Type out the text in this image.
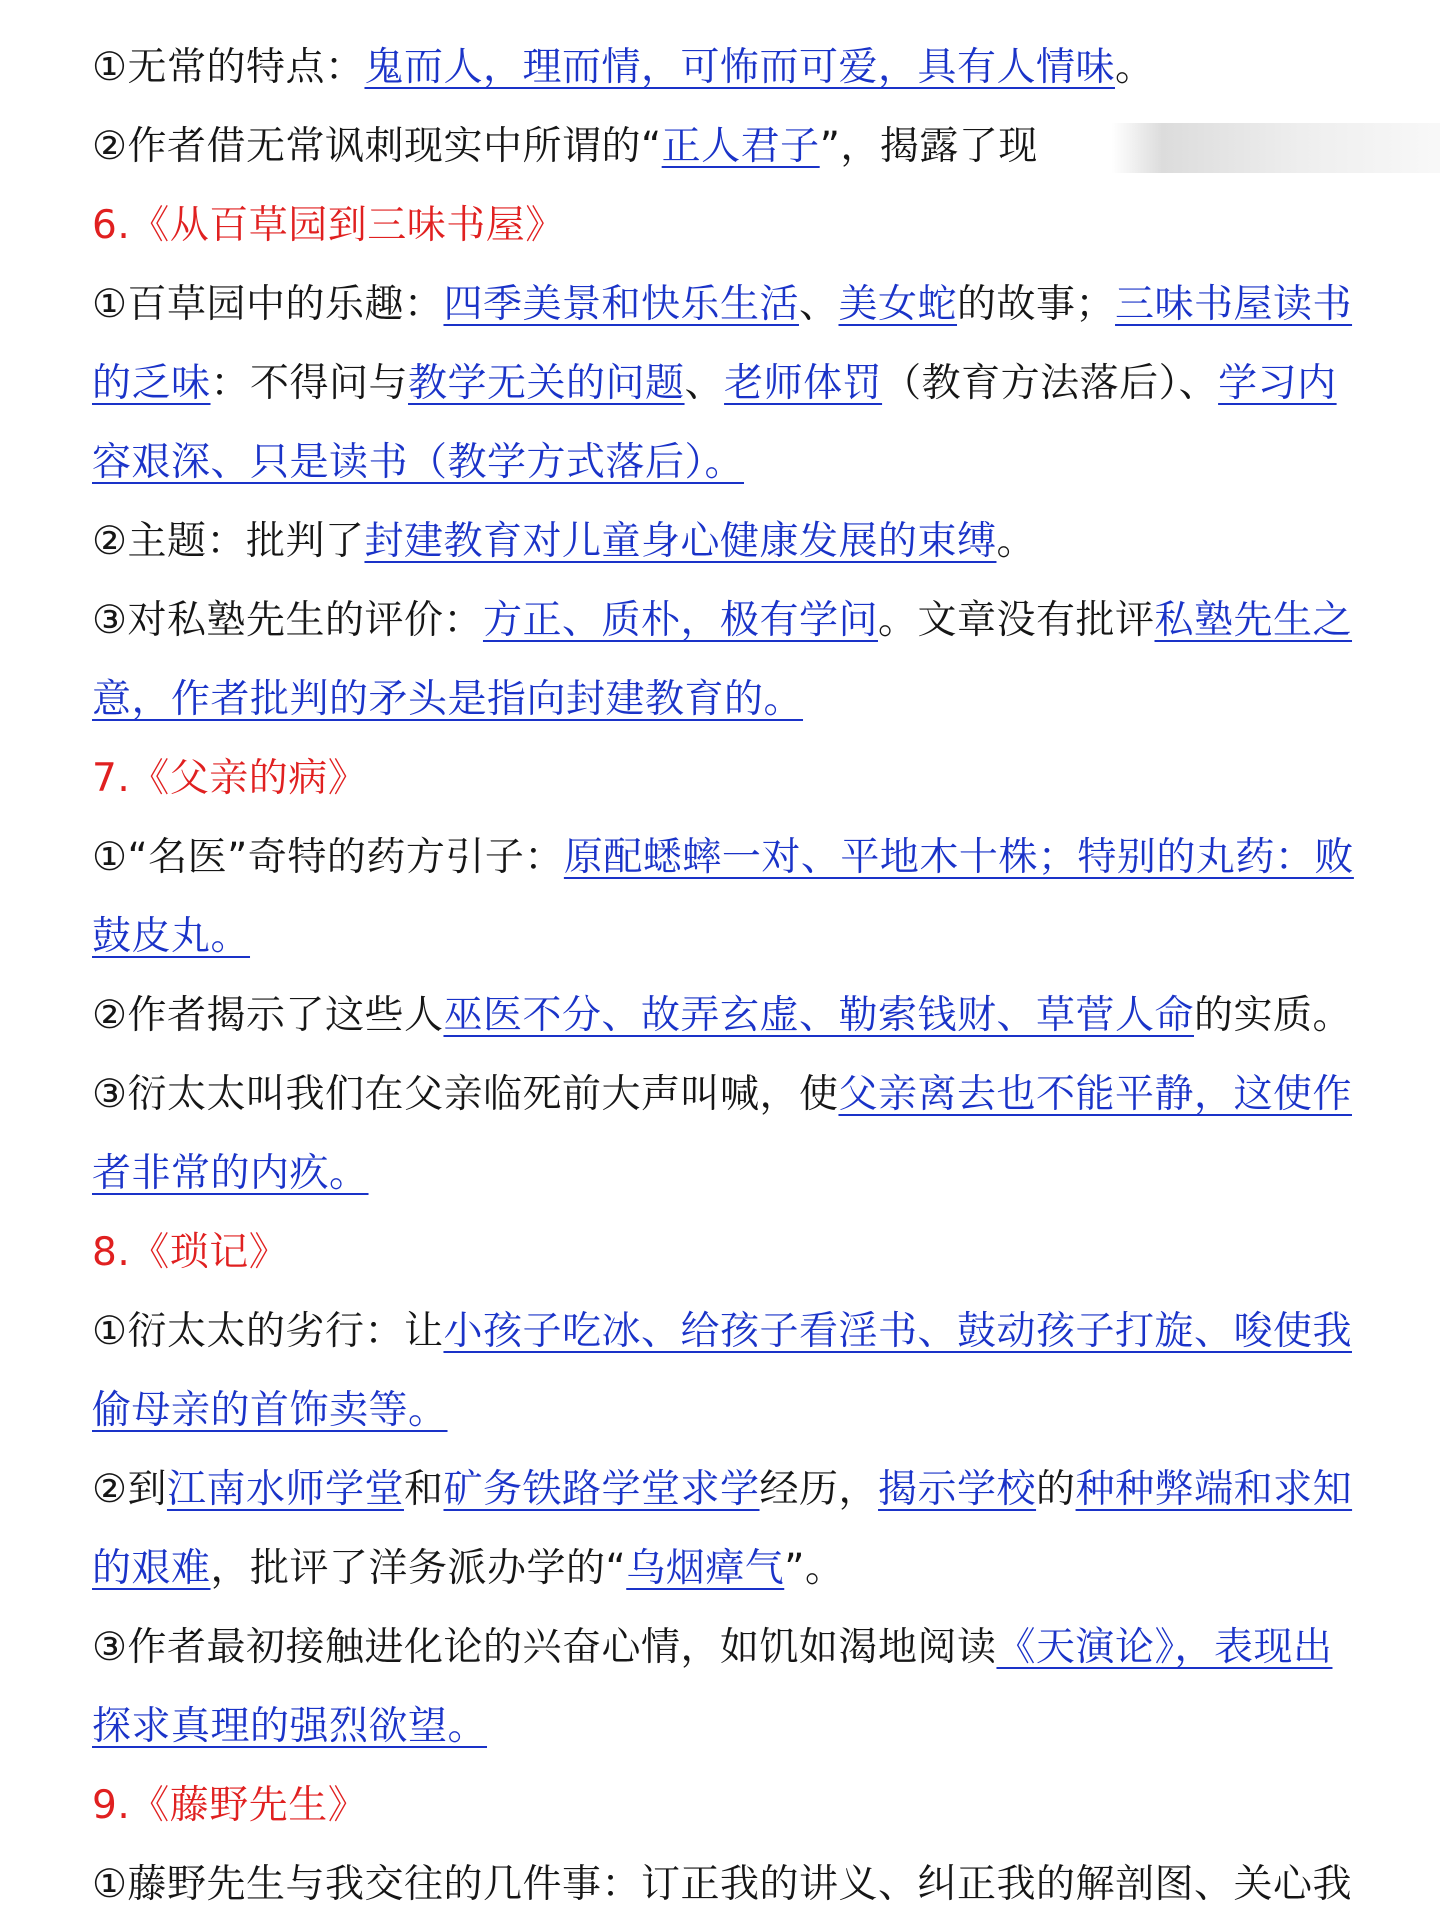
①无常的特点：鬼而人，理而情，可怖而可爱，具有人情味。
②作者借无常讽刺现实中所谓的“正人君子”，揭露了现
6.《从百草园到三味书屋》
①百草园中的乐趣：四季美景和快乐生活、美女蛇的故事；三味书屋读书
的乏味：不得问与教学无关的问题、老师体罚（教育方法落后）、学习内
容艰深、只是读书（教学方式落后）。
②主题：批判了封建教育对儿童身心健康发展的束缚。
③对私塾先生的评价：方正、质朴，极有学问。文章没有批评私塾先生之
意，作者批判的矛头是指向封建教育的。
7.《父亲的病》
①“名医”奇特的药方引子：原配蟋蟀一对、平地木十株；特别的丸药：败
鼓皮丸。
②作者揭示了这些人巫医不分、故弄玄虚、勒索钱财、草菅人命的实质。
③衍太太叫我们在父亲临死前大声叫喊，使父亲离去也不能平静，这使作
者非常的内疚。
8.《琐记》
①衍太太的劣行：让小孩子吃冰、给孩子看淫书、鼓动孩子打旋、唆使我
偷母亲的首饰卖等。
②到江南水师学堂和矿务铁路学堂求学经历，揭示学校的种种弊端和求知
的艰难，批评了洋务派办学的“乌烟瘴气”。
③作者最初接触进化论的兴奋心情，如饥如渴地阅读《天演论》，表现出
探求真理的强烈欲望。
9.《藤野先生》
①藤野先生与我交往的几件事：订正我的讲义、纠正我的解剖图、关心我
